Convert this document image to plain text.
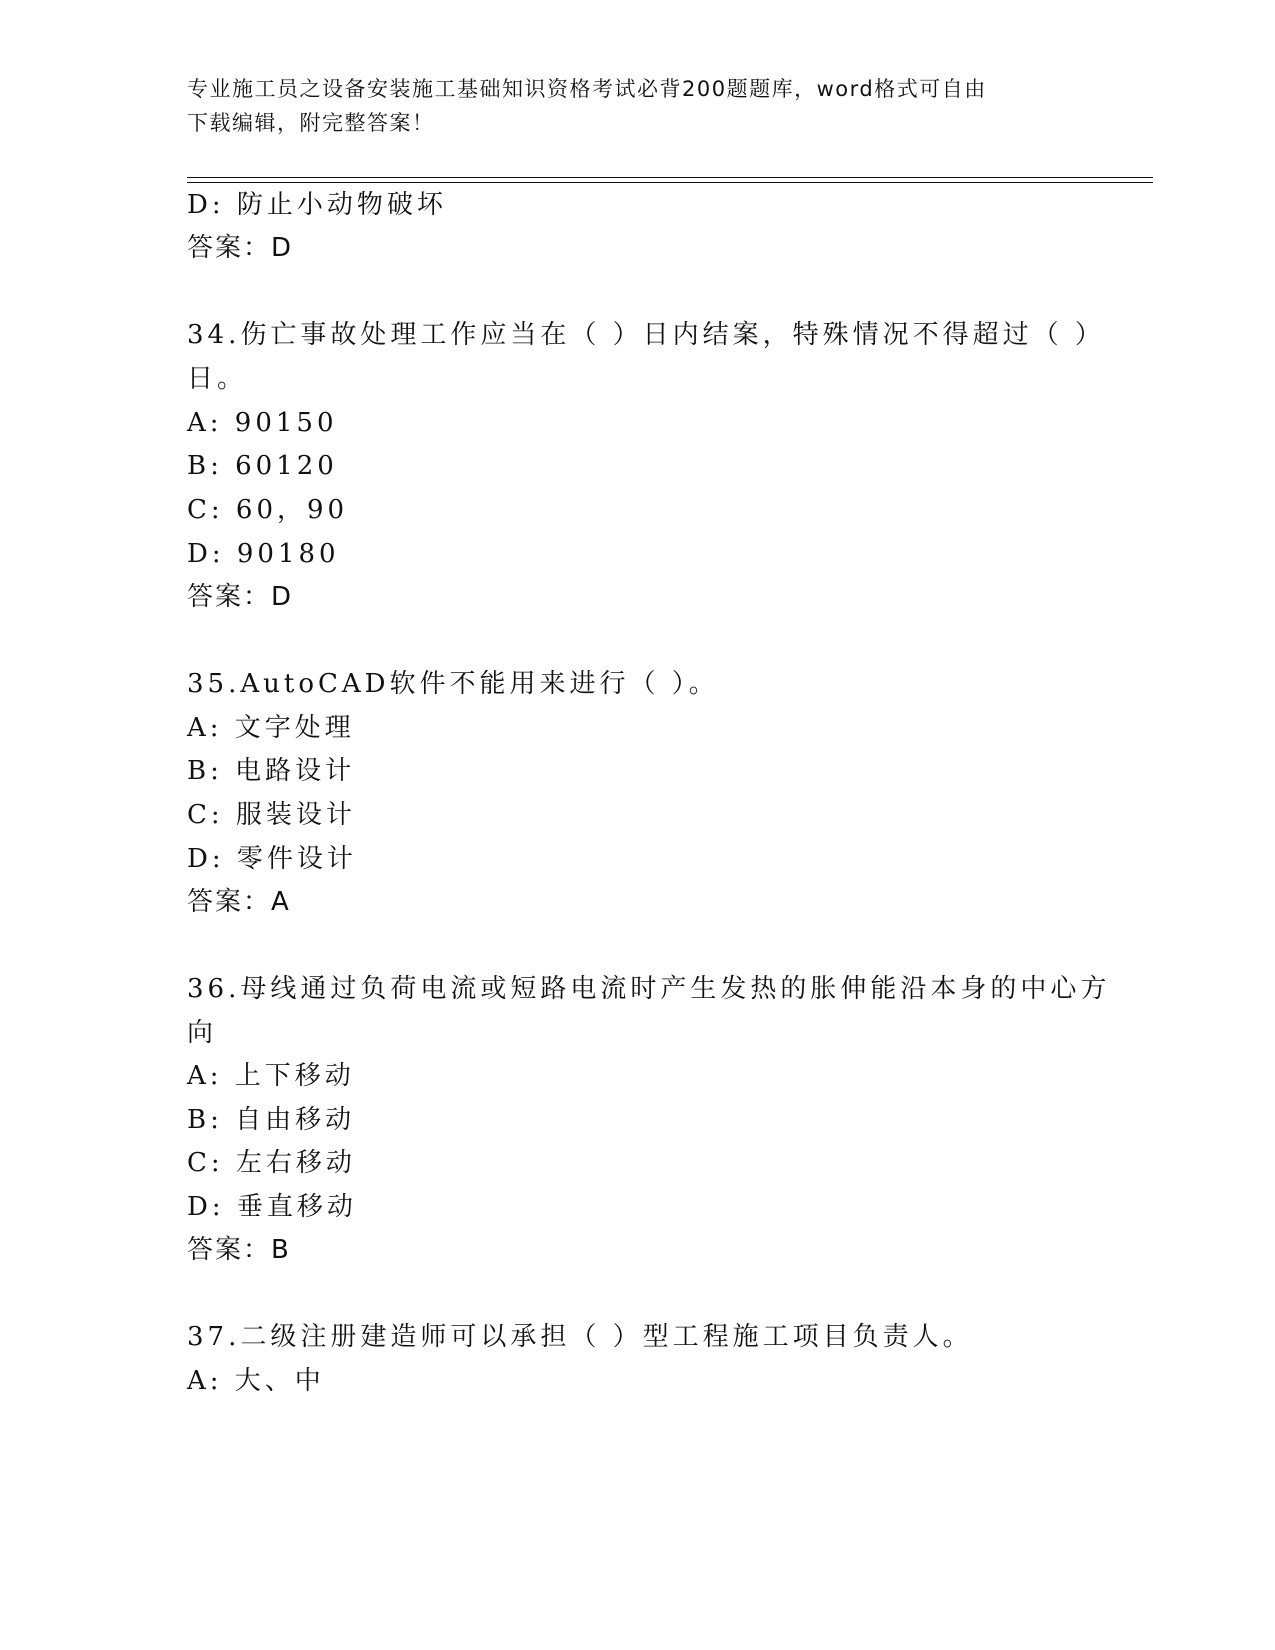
专业施工员之设备安装施工基础知识资格考试必背200题题库，word格式可自由
下载编辑，附完整答案！
D: 防止小动物破坏
答案：D
34.伤亡事故处理工作应当在（ ）日内结案，特殊情况不得超过（ ）
日。
A: 90150
B: 60120
C: 60，90
D: 90180
答案：D
35.AutoCAD软件不能用来进行（ ）。
A: 文字处理
B: 电路设计
C: 服装设计
D: 零件设计
答案：A
36.母线通过负荷电流或短路电流时产生发热的胀伸能沿本身的中心方
向
A: 上下移动
B: 自由移动
C: 左右移动
D: 垂直移动
答案：B
37.二级注册建造师可以承担（ ）型工程施工项目负责人。
A: 大、中
